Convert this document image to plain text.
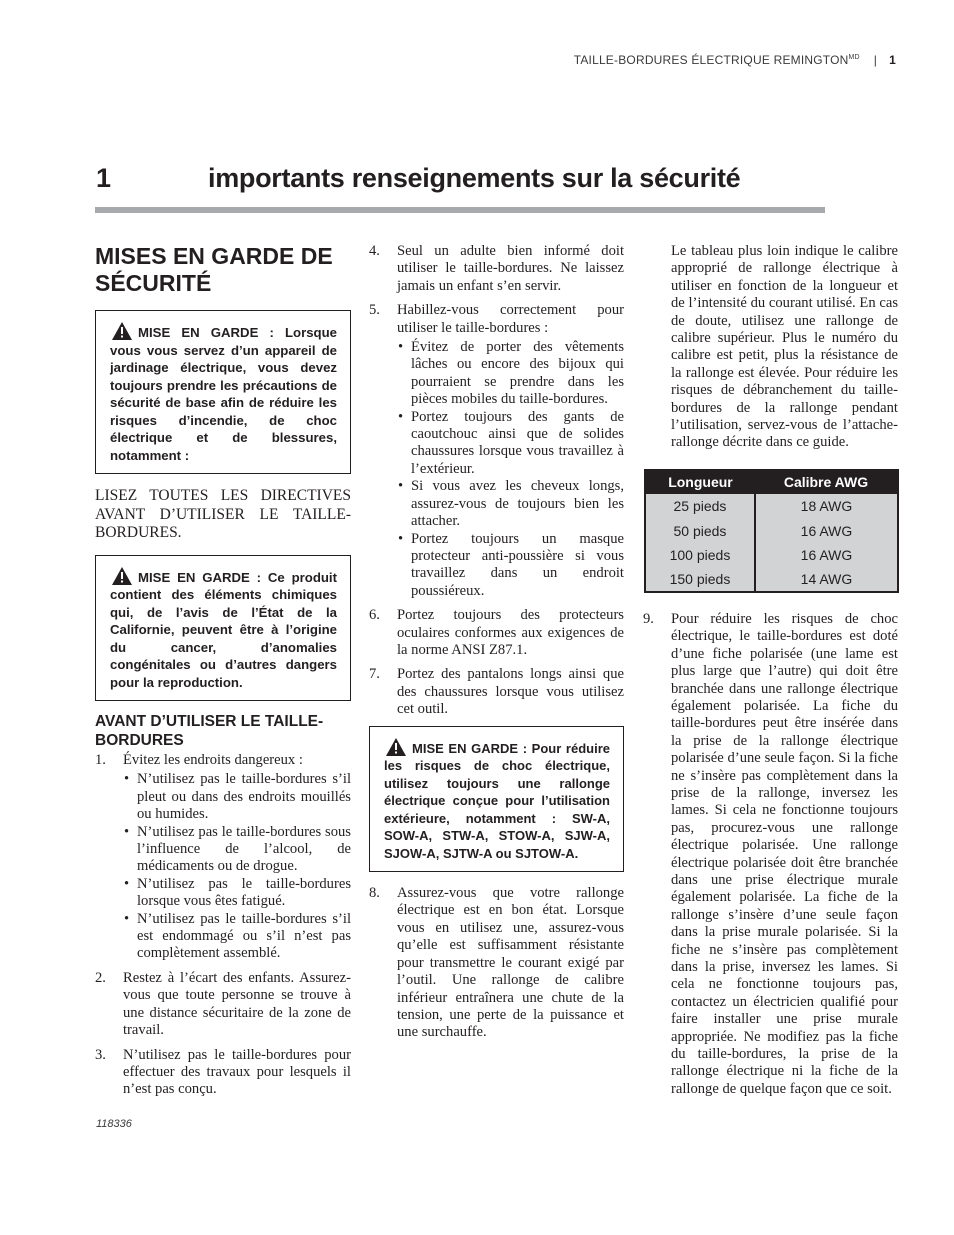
TAILLE-BORDURES ÉLECTRIQUE $REMINGTON^{MD}$ | 1
1	importants renseignements sur la sécurité
MISES EN GARDE DE SÉCURITÉ
MISE EN GARDE : Lorsque vous vous servez d’un appareil de jardinage électrique, vous devez toujours prendre les précautions de sécurité de base afin de réduire les risques d’incendie, de choc électrique et de blessures, notamment :

LISEZ TOUTES LES DIRECTIVES AVANT D’UTILISER LE TAILLE-BORDURES.

MISE EN GARDE : Ce produit contient des éléments chimiques qui, de l’avis de l’État de la Californie, peuvent être à l’origine du cancer, d’anomalies congénitales ou d’autres dangers pour la reproduction.
AVANT D’UTILISER LE TAILLE-BORDURES
1. Évitez les endroits dangereux :
• N’utilisez pas le taille-bordures s’il pleut ou dans des endroits mouillés ou humides.
• N’utilisez pas le taille-bordures sous l’influence de l’alcool, de médicaments ou de drogue.
• N’utilisez pas le taille-bordures lorsque vous êtes fatigué.
• N’utilisez pas le taille-bordures s’il est endommagé ou s’il n’est pas complètement assemblé.
2. Restez à l’écart des enfants. Assurez-vous que toute personne se trouve à une distance sécuritaire de la zone de travail.
3. N’utilisez pas le taille-bordures pour effectuer des travaux pour lesquels il n’est pas conçu.
4. Seul un adulte bien informé doit utiliser le taille-bordures. Ne laissez jamais un enfant s’en servir.
5. Habillez-vous correctement pour utiliser le taille-bordures :
• Évitez de porter des vêtements lâches ou encore des bijoux qui pourraient se prendre dans les pièces mobiles du taille-bordures.
• Portez toujours des gants de caoutchouc ainsi que de solides chaussures lorsque vous travaillez à l’extérieur.
• Si vous avez les cheveux longs, assurez-vous de toujours bien les attacher.
• Portez toujours un masque protecteur anti-poussière si vous travaillez dans un endroit poussiéreux.
6. Portez toujours des protecteurs oculaires conformes aux exigences de la norme ANSI Z87.1.
7. Portez des pantalons longs ainsi que des chaussures lorsque vous utilisez cet outil.
MISE EN GARDE : Pour réduire les risques de choc électrique, utilisez toujours une rallonge électrique conçue pour l’utilisation extérieure, notamment : SW-A, SOW-A, STW-A, STOW-A, SJW-A, SJOW-A, SJTW-A ou SJTOW-A.
8. Assurez-vous que votre rallonge électrique est en bon état. Lorsque vous en utilisez une, assurez-vous qu’elle est suffisamment résistante pour transmettre le courant exigé par l’outil. Une rallonge de calibre inférieur entraînera une chute de la tension, une perte de la puissance et une surchauffe.

Le tableau plus loin indique le calibre approprié de rallonge électrique à utiliser en fonction de la longueur et de l’intensité du courant utilisé. En cas de doute, utilisez une rallonge de calibre supérieur. Plus le numéro du calibre est petit, plus la résistance de la rallonge est élevée. Pour réduire les risques de débranchement du taille-bordures de la rallonge pendant l’utilisation, servez-vous de l’attache-rallonge décrite dans ce guide.

Longueur	Calibre AWG
25 pieds	18 AWG
50 pieds	16 AWG
100 pieds	16 AWG
150 pieds	14 AWG
9. Pour réduire les risques de choc électrique, le taille-bordures est doté d’une fiche polarisée (une lame est plus large que l’autre) qui doit être branchée dans une rallonge électrique également polarisée. La fiche du taille-bordures peut être insérée dans la prise de la rallonge électrique polarisée d’une seule façon. Si la fiche ne s’insère pas complètement dans la prise de la rallonge, inversez les lames. Si cela ne fonctionne toujours pas, procurez-vous une rallonge électrique polarisée. Une rallonge électrique polarisée doit être branchée dans une prise électrique murale également polarisée. La fiche de la rallonge s’insère d’une seule façon dans la prise murale polarisée. Si la fiche ne s’insère pas complètement dans la prise, inversez les lames. Si cela ne fonctionne toujours pas, contactez un électricien qualifié pour faire installer une prise murale appropriée. Ne modifiez pas la fiche du taille-bordures, la prise de la rallonge électrique ni la fiche de la rallonge de quelque façon que ce soit.
118336
